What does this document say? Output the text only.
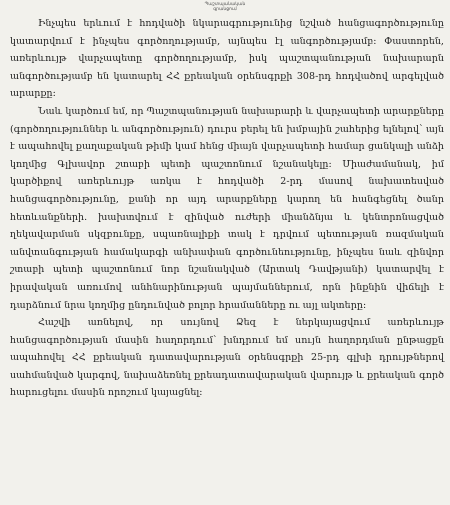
Պաշտպանական
գրանցում

Ինչպես երևում է հոդվածի նկարագրությունից նշված հանցագործությունը կատարվում է ինչպես գործողությամբ, այնպես էլ անգործությամբ: Փաստորեն, առերևույթ վարչապետը գործողությամբ, իսկ պաշտպանության նախարարն անգործությամբ են կատարել ՀՀ քրեական օրենսգրքի 308-րդ հոդվածով արգելված արարքը:

Նաև կարծում եմ, որ Պաշտպանության նախարարի և վարչապետի արարքները (գործողություններ և անգործություն) դուրս բերել են խմբային շահերից ելնելով՝ այն է ապահովել քաղաքական թիմի կամ հենց միայն վարչապետի համար ցանկալի անձի կողմից Գլխավոր շտաբի պետի պաշտոնում նշանակելը: Միաժամանակ, իմ կարծիքով առերևույթ առկա է հոդվածի 2-րդ մասով նախատեսված հանցագործությունը, քանի որ այդ արարքները կարող են հանգեցնել ծանր հետևանքների. խախտվում է զինված ուժերի միանձնյա և կենտրոնացված ղեկավարման սկզբունքը, սպառնալիքի տակ է դրվում պետության ռազմական անվտանգության համակարգի անխափան գործունեությունը, ինչպես նաև զինվոր շտաբի պետի պաշտոնում նոր նշանակված (Արտակ Դավթյանի) կատարվել է իրավական առումով անհնարինության պայմաններում, որն ինքնին վիճելի է դարձնում նրա կողմից ընդունված բոլոր հրամանները ու այլ ակտերը:

Հաշվի առնելով, որ սույնով Ձեզ է ներկայացվում առերևույթ հանցագործության մասին հաղորդում՝ խնդրում եմ սույն հաղորդման ընթացքն ապահովել ՀՀ քրեական դատավարության օրենսգրքի 25-րդ գլխի դրույթներով սահմանված կարգով, նախաձեռնել քրեադատավարական վարույթ և քրեական գործ հարուցելու մասին որոշում կայացնել:
